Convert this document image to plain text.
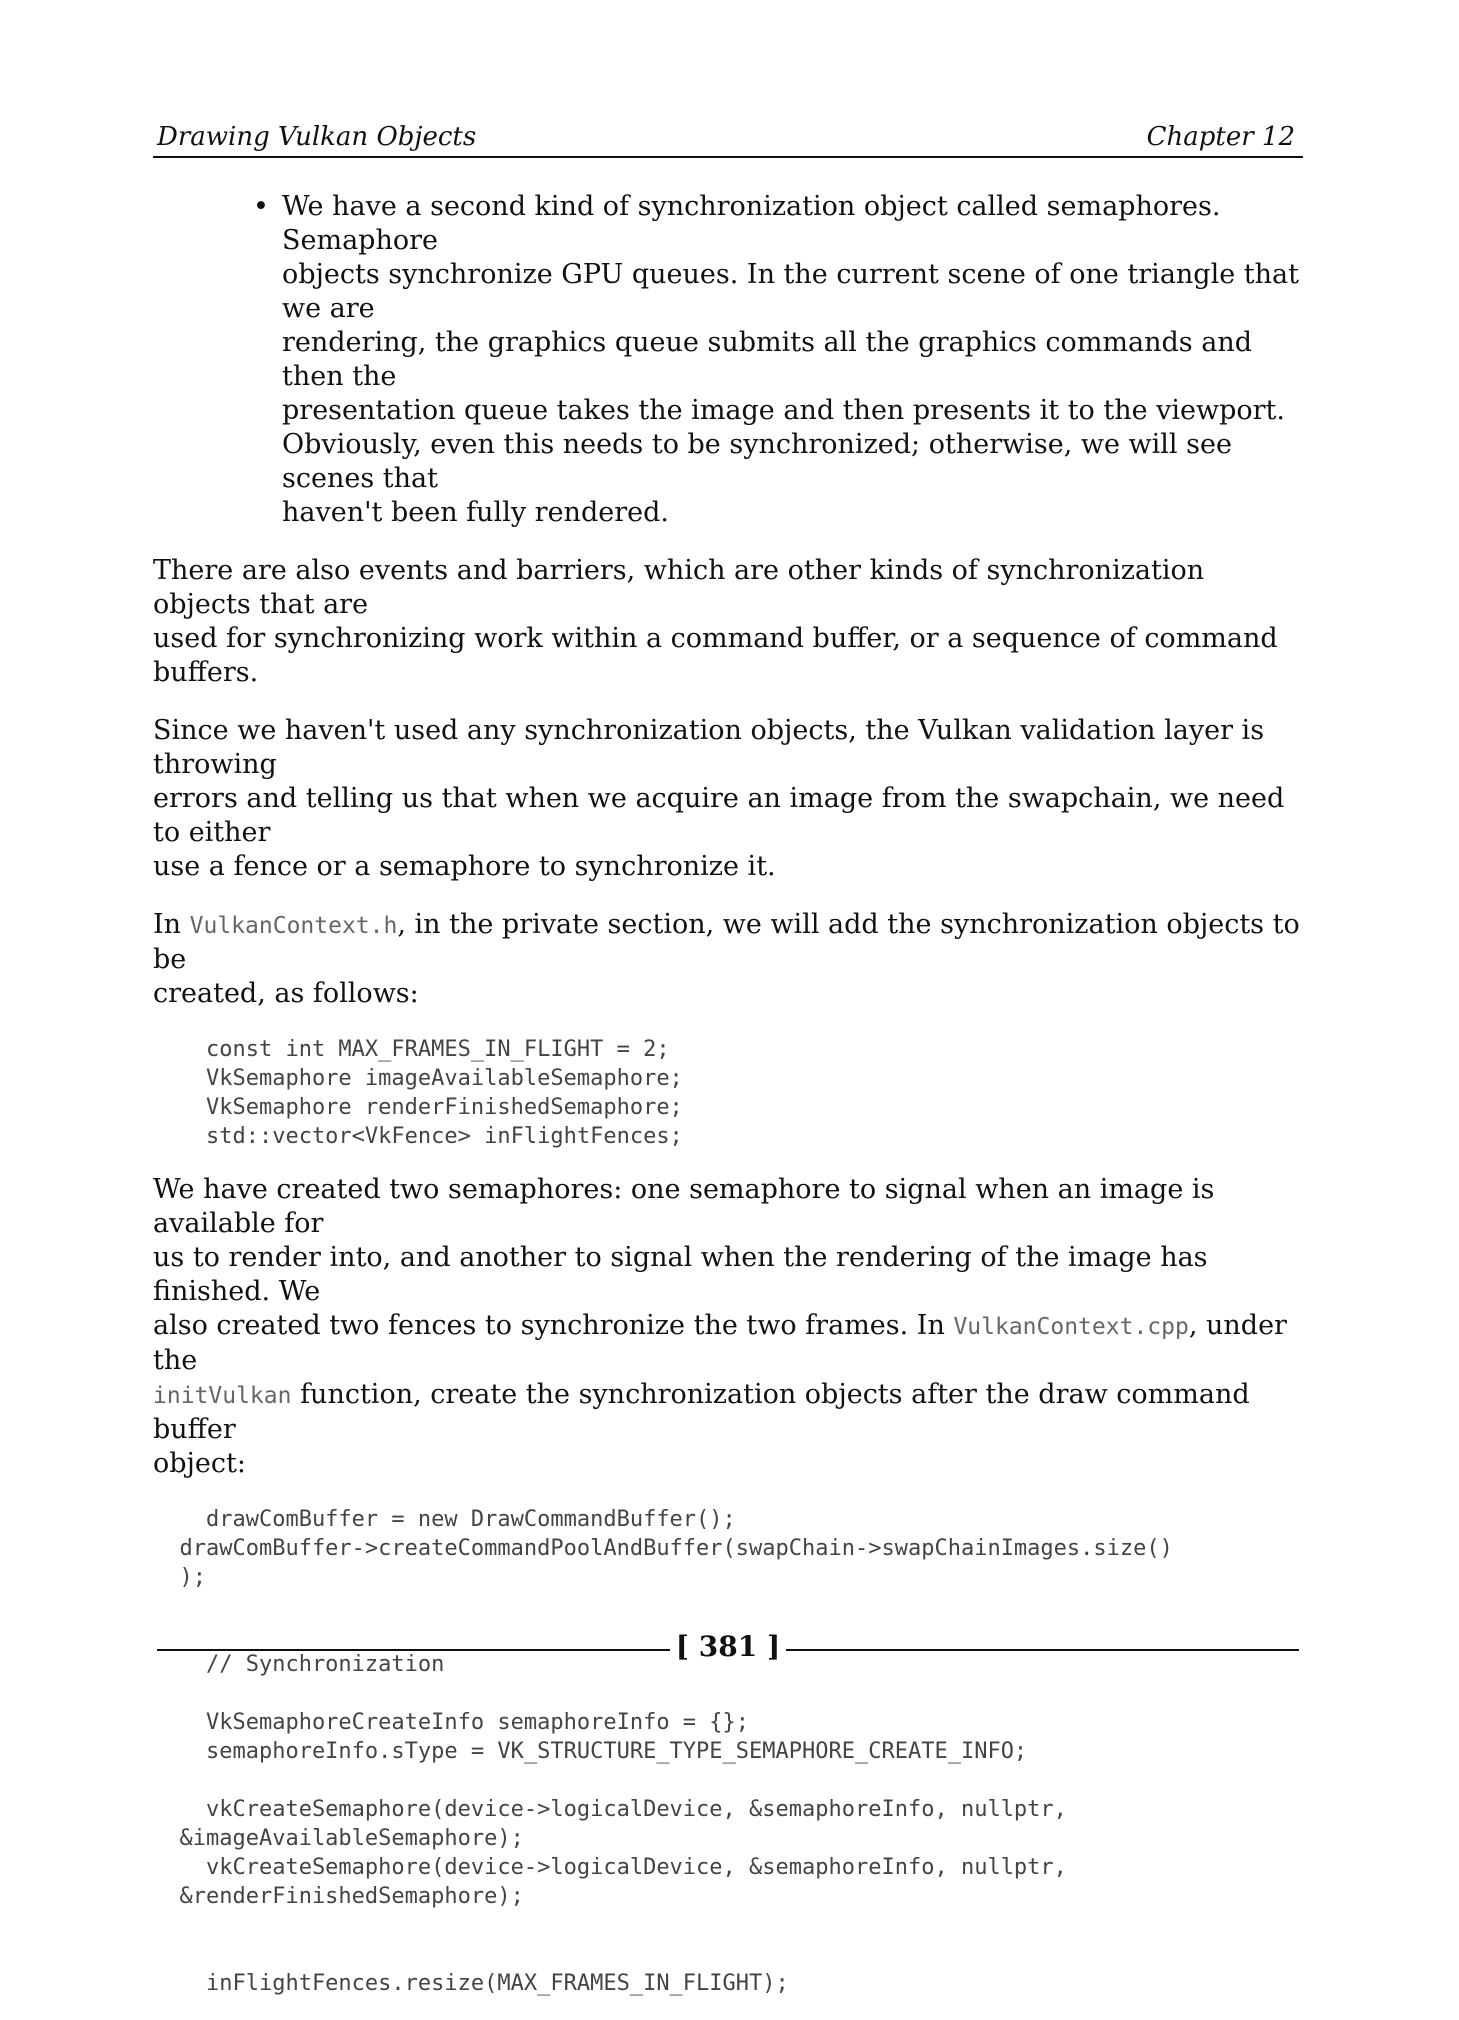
Drawing Vulkan Objects	Chapter 12
• We have a second kind of synchronization object called semaphores. Semaphore
objects synchronize GPU queues. In the current scene of one triangle that we are
rendering, the graphics queue submits all the graphics commands and then the
presentation queue takes the image and then presents it to the viewport.
Obviously, even this needs to be synchronized; otherwise, we will see scenes that
haven't been fully rendered.

There are also events and barriers, which are other kinds of synchronization objects that are
used for synchronizing work within a command buffer, or a sequence of command buffers.

Since we haven't used any synchronization objects, the Vulkan validation layer is throwing
errors and telling us that when we acquire an image from the swapchain, we need to either
use a fence or a semaphore to synchronize it.

In VulkanContext.h, in the private section, we will add the synchronization objects to be
created, as follows:

const int MAX_FRAMES_IN_FLIGHT = 2;
VkSemaphore imageAvailableSemaphore;
VkSemaphore renderFinishedSemaphore;
std::vector<VkFence> inFlightFences;

We have created two semaphores: one semaphore to signal when an image is available for
us to render into, and another to signal when the rendering of the image has finished. We
also created two fences to synchronize the two frames. In VulkanContext.cpp, under the
initVulkan function, create the synchronization objects after the draw command buffer
object:

drawComBuffer = new DrawCommandBuffer();
drawComBuffer->createCommandPoolAndBuffer(swapChain->swapChainImages.size()
);

// Synchronization

VkSemaphoreCreateInfo semaphoreInfo = {};
semaphoreInfo.sType = VK_STRUCTURE_TYPE_SEMAPHORE_CREATE_INFO;

vkCreateSemaphore(device->logicalDevice, &semaphoreInfo, nullptr,
&imageAvailableSemaphore);
vkCreateSemaphore(device->logicalDevice, &semaphoreInfo, nullptr,
&renderFinishedSemaphore);

inFlightFences.resize(MAX_FRAMES_IN_FLIGHT);
[ 381 ]
